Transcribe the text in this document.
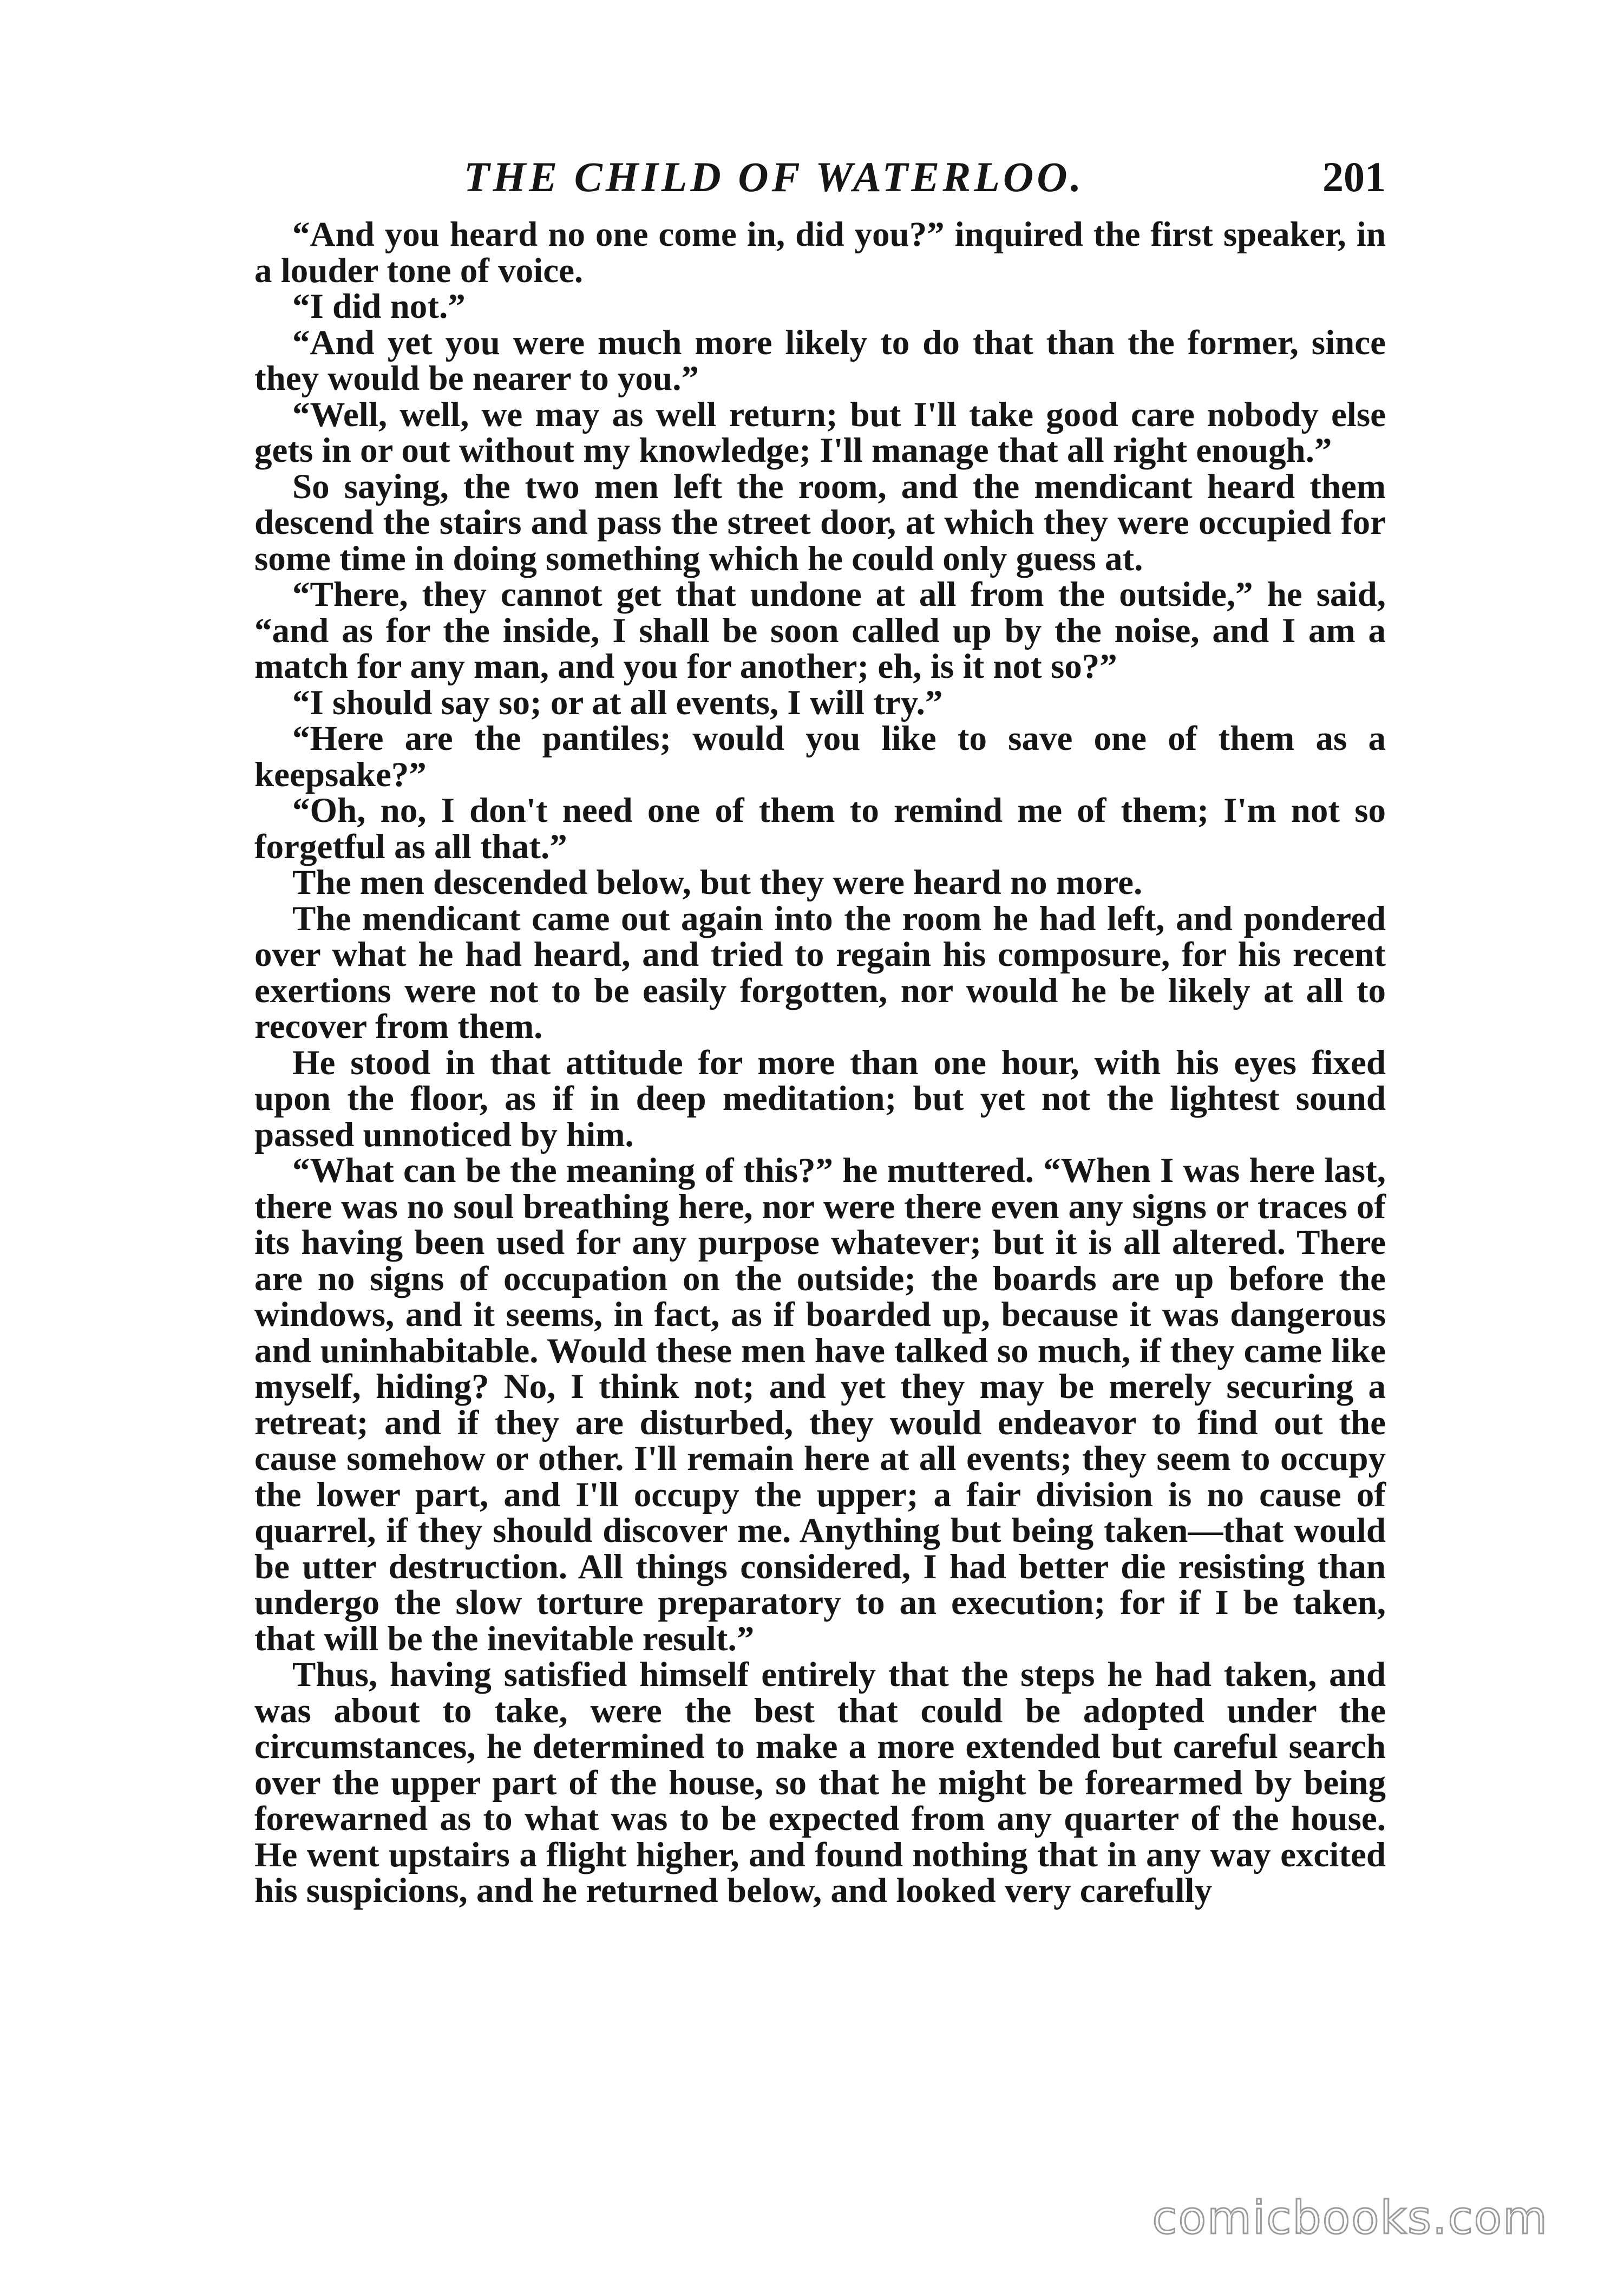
THE CHILD OF WATERLOO.	201

“And you heard no one come in, did you?” inquired the first speaker, in a louder tone of voice.

“I did not.”

“And yet you were much more likely to do that than the former, since they would be nearer to you.”

“Well, well, we may as well return; but I'll take good care nobody else gets in or out without my knowledge; I'll manage that all right enough.”

So saying, the two men left the room, and the mendicant heard them descend the stairs and pass the street door, at which they were occupied for some time in doing something which he could only guess at.

“There, they cannot get that undone at all from the outside,” he said, “and as for the inside, I shall be soon called up by the noise, and I am a match for any man, and you for another; eh, is it not so?”

“I should say so; or at all events, I will try.”

“Here are the pantiles; would you like to save one of them as a keepsake?”

“Oh, no, I don't need one of them to remind me of them; I'm not so forgetful as all that.”

The men descended below, but they were heard no more.

The mendicant came out again into the room he had left, and pondered over what he had heard, and tried to regain his composure, for his recent exertions were not to be easily forgotten, nor would he be likely at all to recover from them.

He stood in that attitude for more than one hour, with his eyes fixed upon the floor, as if in deep meditation; but yet not the lightest sound passed unnoticed by him.

“What can be the meaning of this?” he muttered. “When I was here last, there was no soul breathing here, nor were there even any signs or traces of its having been used for any purpose whatever; but it is all altered. There are no signs of occupation on the outside; the boards are up before the windows, and it seems, in fact, as if boarded up, because it was dangerous and uninhabitable. Would these men have talked so much, if they came like myself, hiding? No, I think not; and yet they may be merely securing a retreat; and if they are disturbed, they would endeavor to find out the cause somehow or other. I'll remain here at all events; they seem to occupy the lower part, and I'll occupy the upper; a fair division is no cause of quarrel, if they should discover me. Anything but being taken—that would be utter destruction. All things considered, I had better die resisting than undergo the slow torture preparatory to an execution; for if I be taken, that will be the inevitable result.”

Thus, having satisfied himself entirely that the steps he had taken, and was about to take, were the best that could be adopted under the circumstances, he determined to make a more extended but careful search over the upper part of the house, so that he might be forearmed by being forewarned as to what was to be expected from any quarter of the house. He went upstairs a flight higher, and found nothing that in any way excited his suspicions, and he returned below, and looked very carefully

comicbooks.com
